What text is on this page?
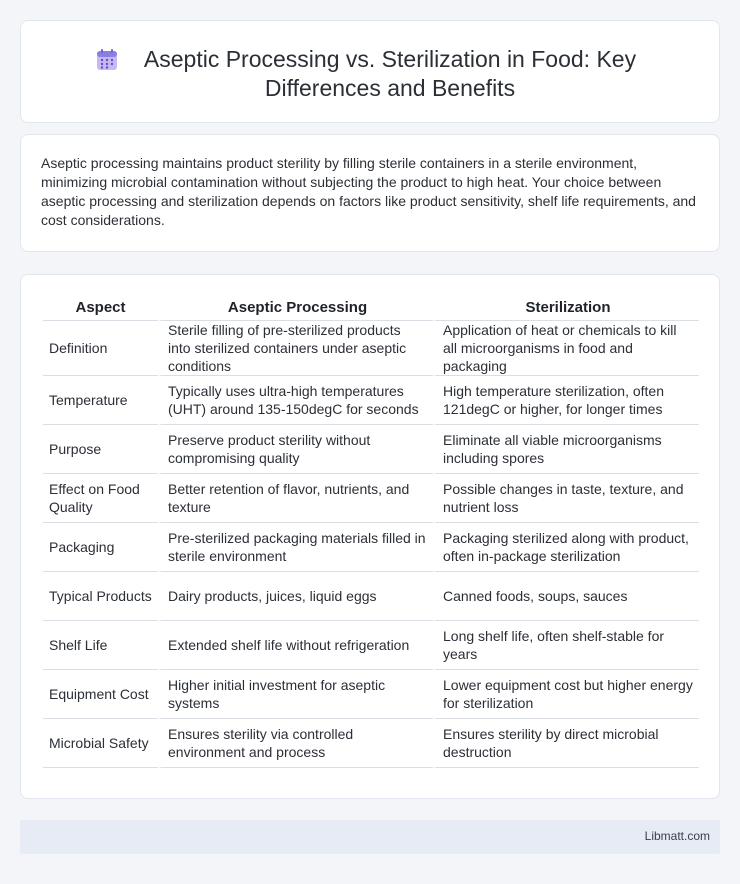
Aseptic Processing vs. Sterilization in Food: Key Differences and Benefits

Aseptic processing maintains product sterility by filling sterile containers in a sterile environment, minimizing microbial contamination without subjecting the product to high heat. Your choice between aseptic processing and sterilization depends on factors like product sensitivity, shelf life requirements, and cost considerations.

Aspect	Aseptic Processing	Sterilization
Definition	Sterile filling of pre-sterilized products into sterilized containers under aseptic conditions	Application of heat or chemicals to kill all microorganisms in food and packaging
Temperature	Typically uses ultra-high temperatures (UHT) around 135-150degC for seconds	High temperature sterilization, often 121degC or higher, for longer times
Purpose	Preserve product sterility without compromising quality	Eliminate all viable microorganisms including spores
Effect on Food Quality	Better retention of flavor, nutrients, and texture	Possible changes in taste, texture, and nutrient loss
Packaging	Pre-sterilized packaging materials filled in sterile environment	Packaging sterilized along with product, often in-package sterilization
Typical Products	Dairy products, juices, liquid eggs	Canned foods, soups, sauces
Shelf Life	Extended shelf life without refrigeration	Long shelf life, often shelf-stable for years
Equipment Cost	Higher initial investment for aseptic systems	Lower equipment cost but higher energy for sterilization
Microbial Safety	Ensures sterility via controlled environment and process	Ensures sterility by direct microbial destruction
Libmatt.com
